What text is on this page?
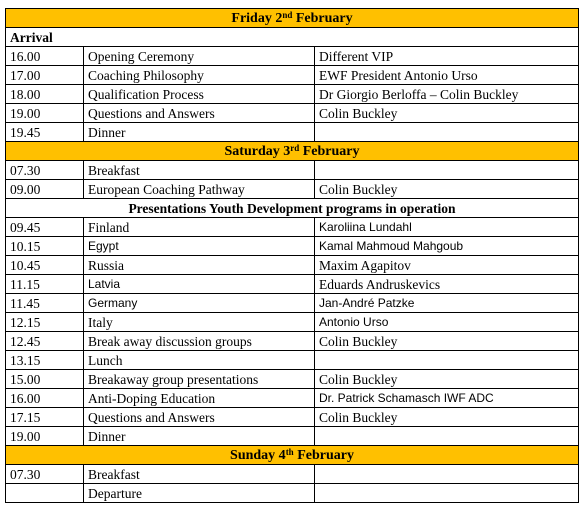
Friday 2nd February		
Arrival		
16.00	Opening Ceremony	Different VIP
17.00	Coaching Philosophy	EWF President Antonio Urso
18.00	Qualification Process	Dr Giorgio Berloffa – Colin Buckley
19.00	Questions and Answers	Colin Buckley
19.45	Dinner	
Saturday 3rd February		
07.30	Breakfast	
09.00	European Coaching Pathway	Colin Buckley
Presentations Youth Development programs in operation		
09.45	Finland	Karoliina Lundahl
10.15	Egypt	Kamal Mahmoud Mahgoub
10.45	Russia	Maxim Agapitov
11.15	Latvia	Eduards Andruskevics
11.45	Germany	Jan-André Patzke
12.15	Italy	Antonio Urso
12.45	Break away discussion groups	Colin Buckley
13.15	Lunch	
15.00	Breakaway group presentations	Colin Buckley
16.00	Anti-Doping Education	Dr. Patrick Schamasch IWF ADC
17.15	Questions and Answers	Colin Buckley
19.00	Dinner	
Sunday 4th February		
07.30	Breakfast	
	Departure	
